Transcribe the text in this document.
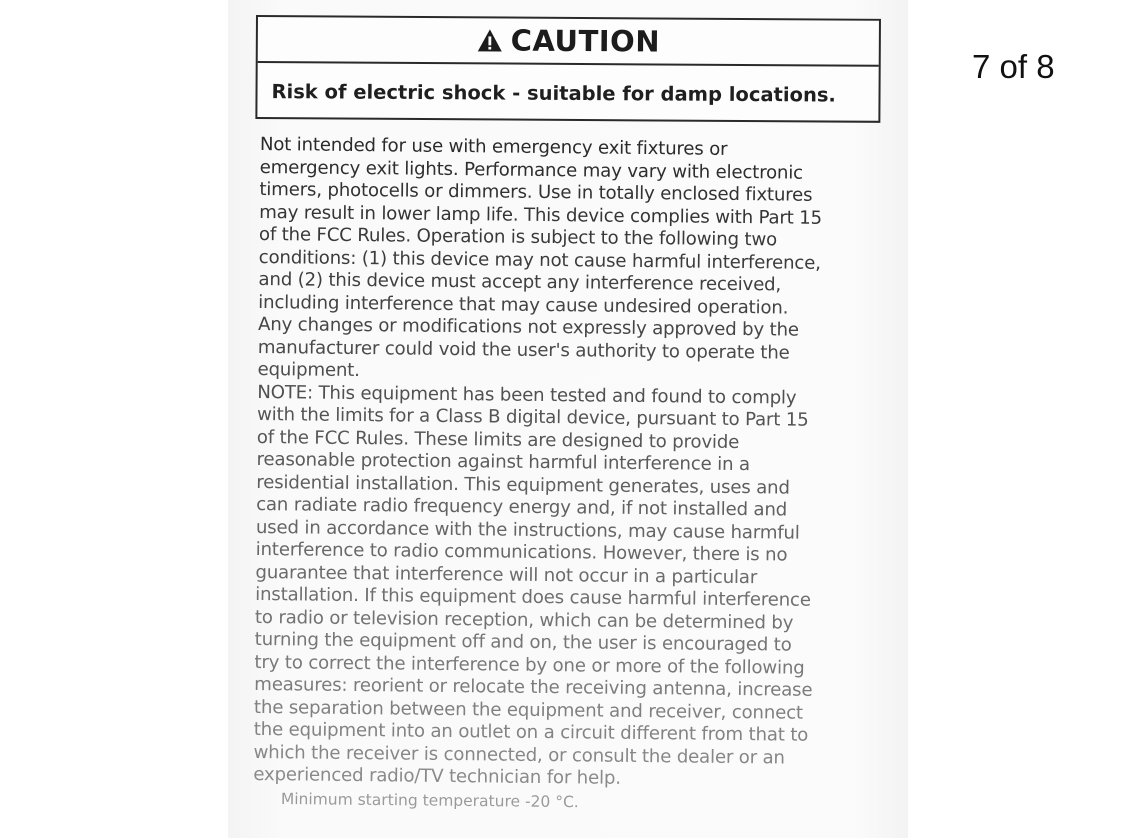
CAUTION
Risk of electric shock - suitable for damp locations.
7 of 8
Not intended for use with emergency exit fixtures or
emergency exit lights. Performance may vary with electronic
timers, photocells or dimmers. Use in totally enclosed fixtures
may result in lower lamp life. This device complies with Part 15
of the FCC Rules. Operation is subject to the following two
conditions: (1) this device may not cause harmful interference,
and (2) this device must accept any interference received,
including interference that may cause undesired operation.
Any changes or modifications not expressly approved by the
manufacturer could void the user's authority to operate the
equipment.
NOTE: This equipment has been tested and found to comply
with the limits for a Class B digital device, pursuant to Part 15
of the FCC Rules. These limits are designed to provide
reasonable protection against harmful interference in a
residential installation. This equipment generates, uses and
can radiate radio frequency energy and, if not installed and
used in accordance with the instructions, may cause harmful
interference to radio communications. However, there is no
guarantee that interference will not occur in a particular
installation. If this equipment does cause harmful interference
to radio or television reception, which can be determined by
turning the equipment off and on, the user is encouraged to
try to correct the interference by one or more of the following
measures: reorient or relocate the receiving antenna, increase
the separation between the equipment and receiver, connect
the equipment into an outlet on a circuit different from that to
which the receiver is connected, or consult the dealer or an
experienced radio/TV technician for help.
Minimum starting temperature -20 °C.
